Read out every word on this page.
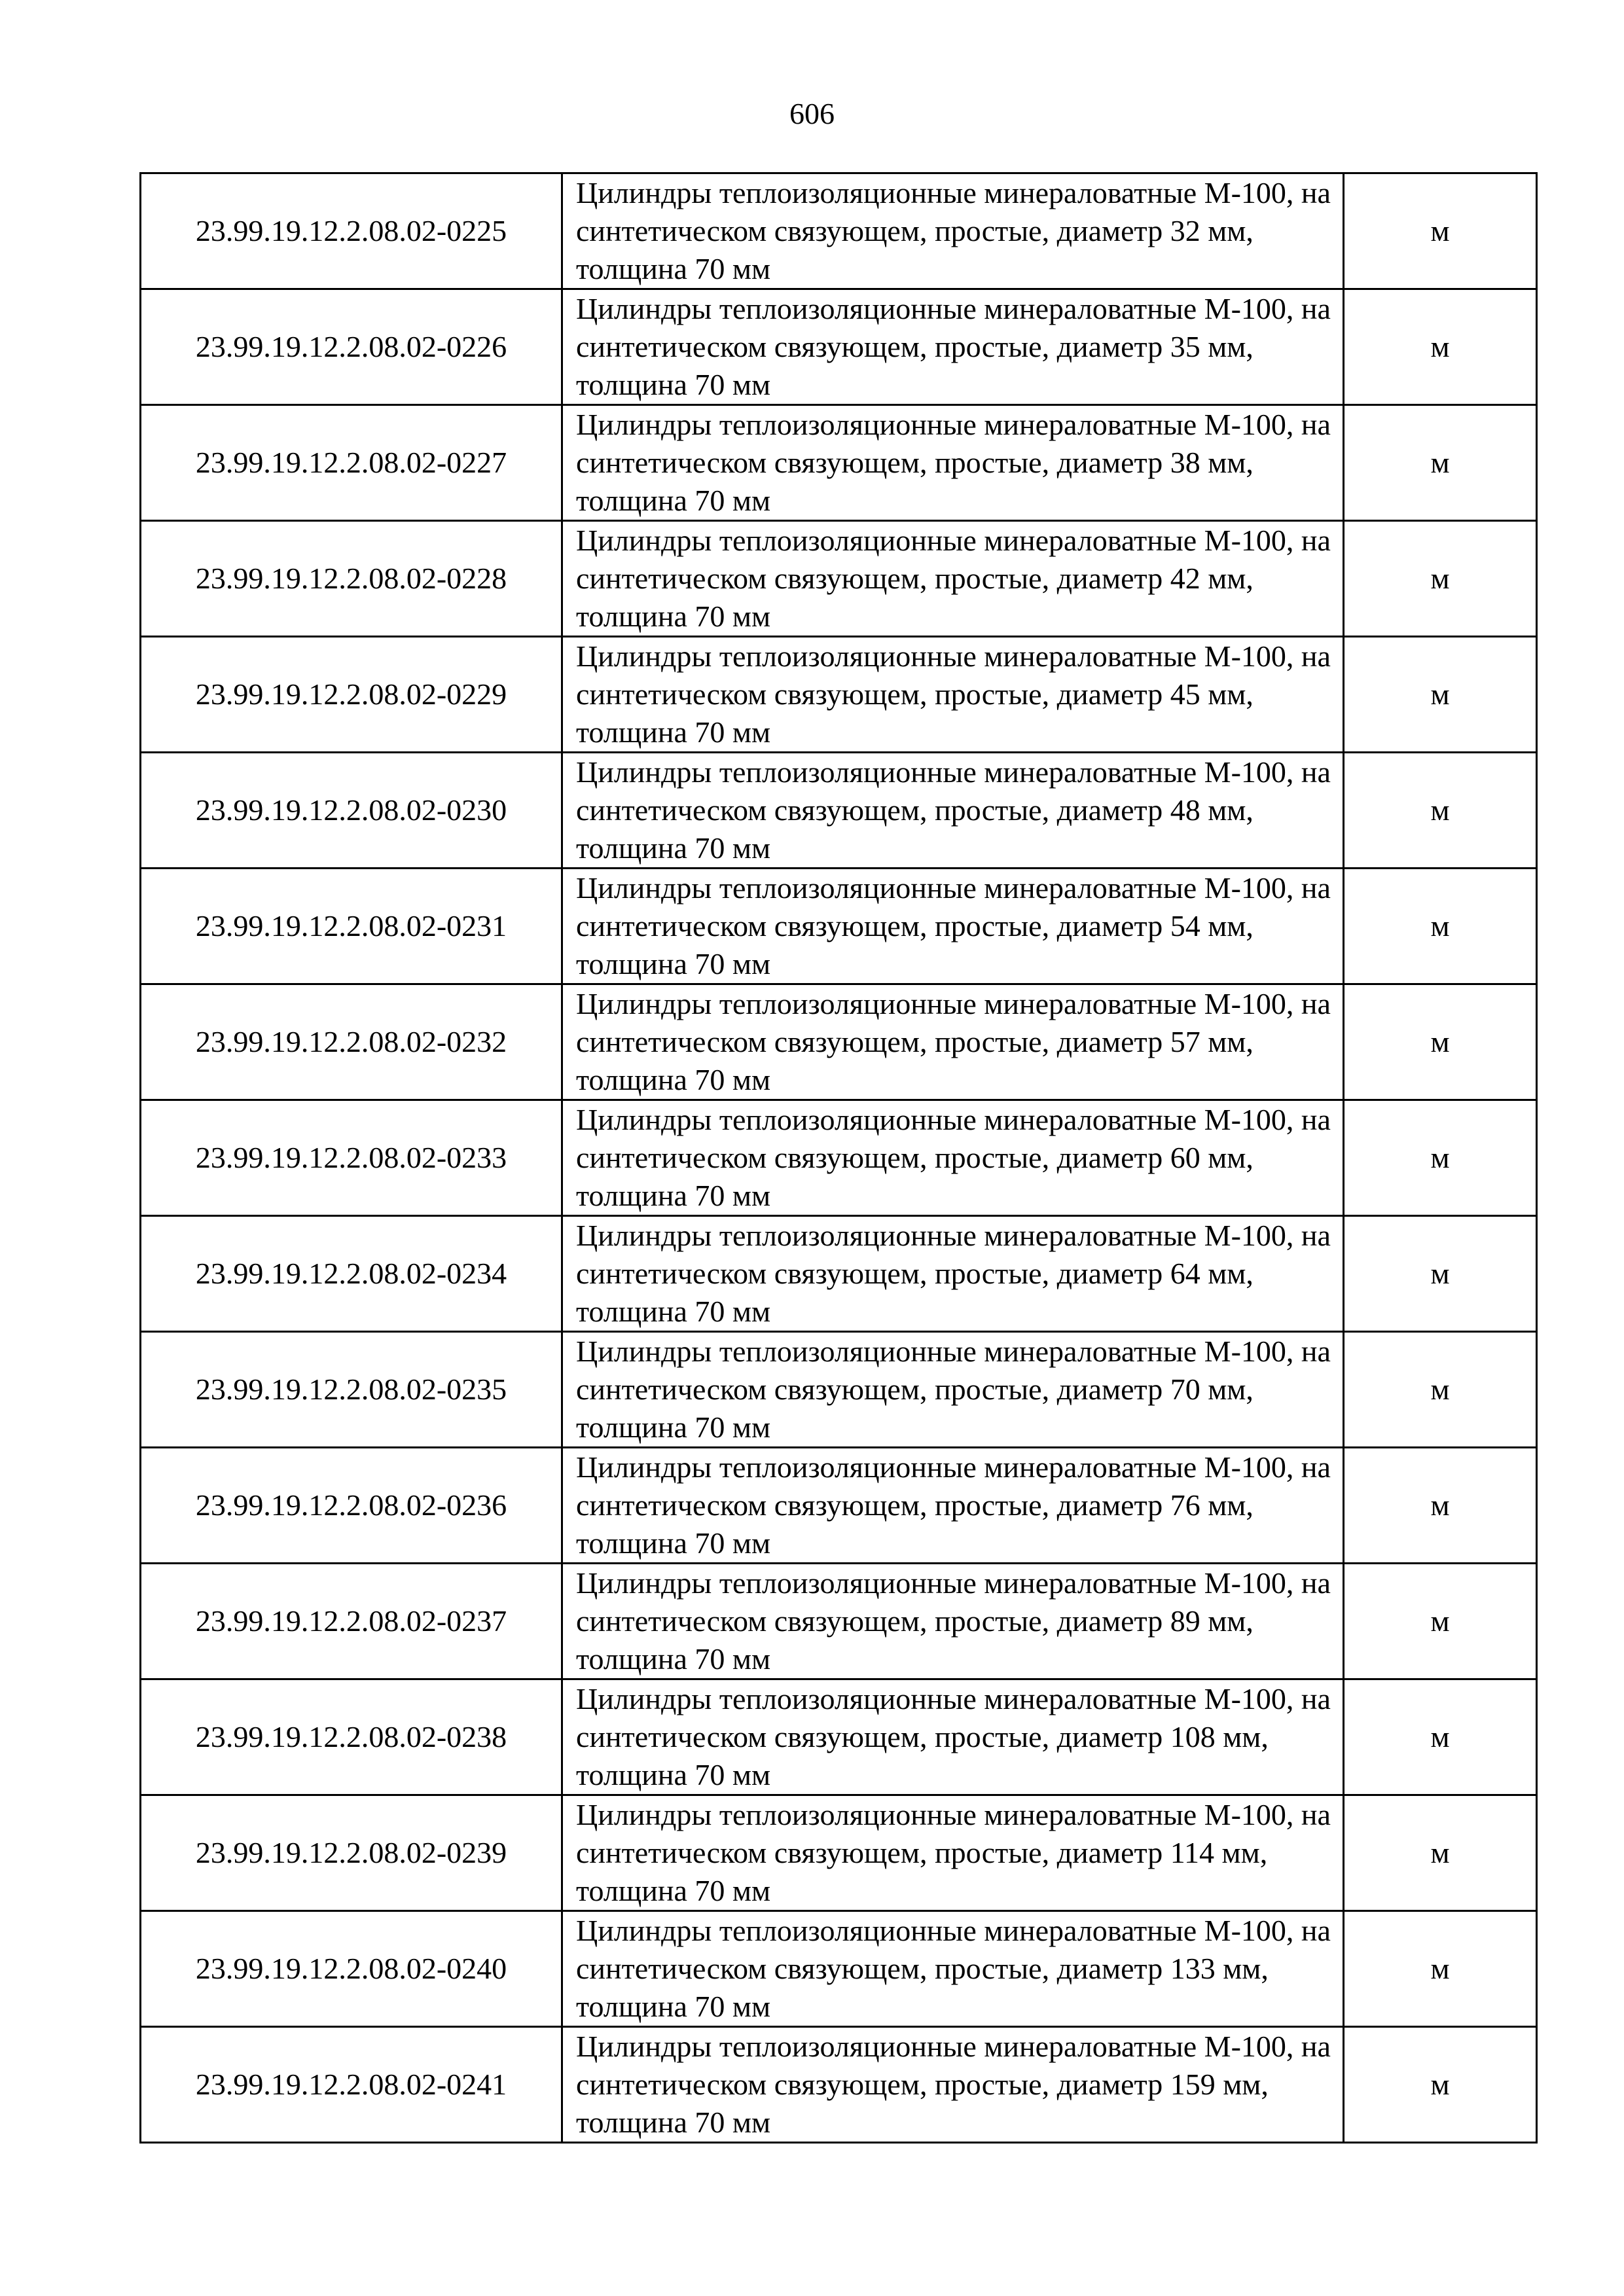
606
23.99.19.12.2.08.02-0225	Цилиндры теплоизоляционные минераловатные М-100, на синтетическом связующем, простые, диаметр 32 мм, толщина 70 мм	м
23.99.19.12.2.08.02-0226	Цилиндры теплоизоляционные минераловатные М-100, на синтетическом связующем, простые, диаметр 35 мм, толщина 70 мм	м
23.99.19.12.2.08.02-0227	Цилиндры теплоизоляционные минераловатные М-100, на синтетическом связующем, простые, диаметр 38 мм, толщина 70 мм	м
23.99.19.12.2.08.02-0228	Цилиндры теплоизоляционные минераловатные М-100, на синтетическом связующем, простые, диаметр 42 мм, толщина 70 мм	м
23.99.19.12.2.08.02-0229	Цилиндры теплоизоляционные минераловатные М-100, на синтетическом связующем, простые, диаметр 45 мм, толщина 70 мм	м
23.99.19.12.2.08.02-0230	Цилиндры теплоизоляционные минераловатные М-100, на синтетическом связующем, простые, диаметр 48 мм, толщина 70 мм	м
23.99.19.12.2.08.02-0231	Цилиндры теплоизоляционные минераловатные М-100, на синтетическом связующем, простые, диаметр 54 мм, толщина 70 мм	м
23.99.19.12.2.08.02-0232	Цилиндры теплоизоляционные минераловатные М-100, на синтетическом связующем, простые, диаметр 57 мм, толщина 70 мм	м
23.99.19.12.2.08.02-0233	Цилиндры теплоизоляционные минераловатные М-100, на синтетическом связующем, простые, диаметр 60 мм, толщина 70 мм	м
23.99.19.12.2.08.02-0234	Цилиндры теплоизоляционные минераловатные М-100, на синтетическом связующем, простые, диаметр 64 мм, толщина 70 мм	м
23.99.19.12.2.08.02-0235	Цилиндры теплоизоляционные минераловатные М-100, на синтетическом связующем, простые, диаметр 70 мм, толщина 70 мм	м
23.99.19.12.2.08.02-0236	Цилиндры теплоизоляционные минераловатные М-100, на синтетическом связующем, простые, диаметр 76 мм, толщина 70 мм	м
23.99.19.12.2.08.02-0237	Цилиндры теплоизоляционные минераловатные М-100, на синтетическом связующем, простые, диаметр 89 мм, толщина 70 мм	м
23.99.19.12.2.08.02-0238	Цилиндры теплоизоляционные минераловатные М-100, на синтетическом связующем, простые, диаметр 108 мм, толщина 70 мм	м
23.99.19.12.2.08.02-0239	Цилиндры теплоизоляционные минераловатные М-100, на синтетическом связующем, простые, диаметр 114 мм, толщина 70 мм	м
23.99.19.12.2.08.02-0240	Цилиндры теплоизоляционные минераловатные М-100, на синтетическом связующем, простые, диаметр 133 мм, толщина 70 мм	м
23.99.19.12.2.08.02-0241	Цилиндры теплоизоляционные минераловатные М-100, на синтетическом связующем, простые, диаметр 159 мм, толщина 70 мм	м
